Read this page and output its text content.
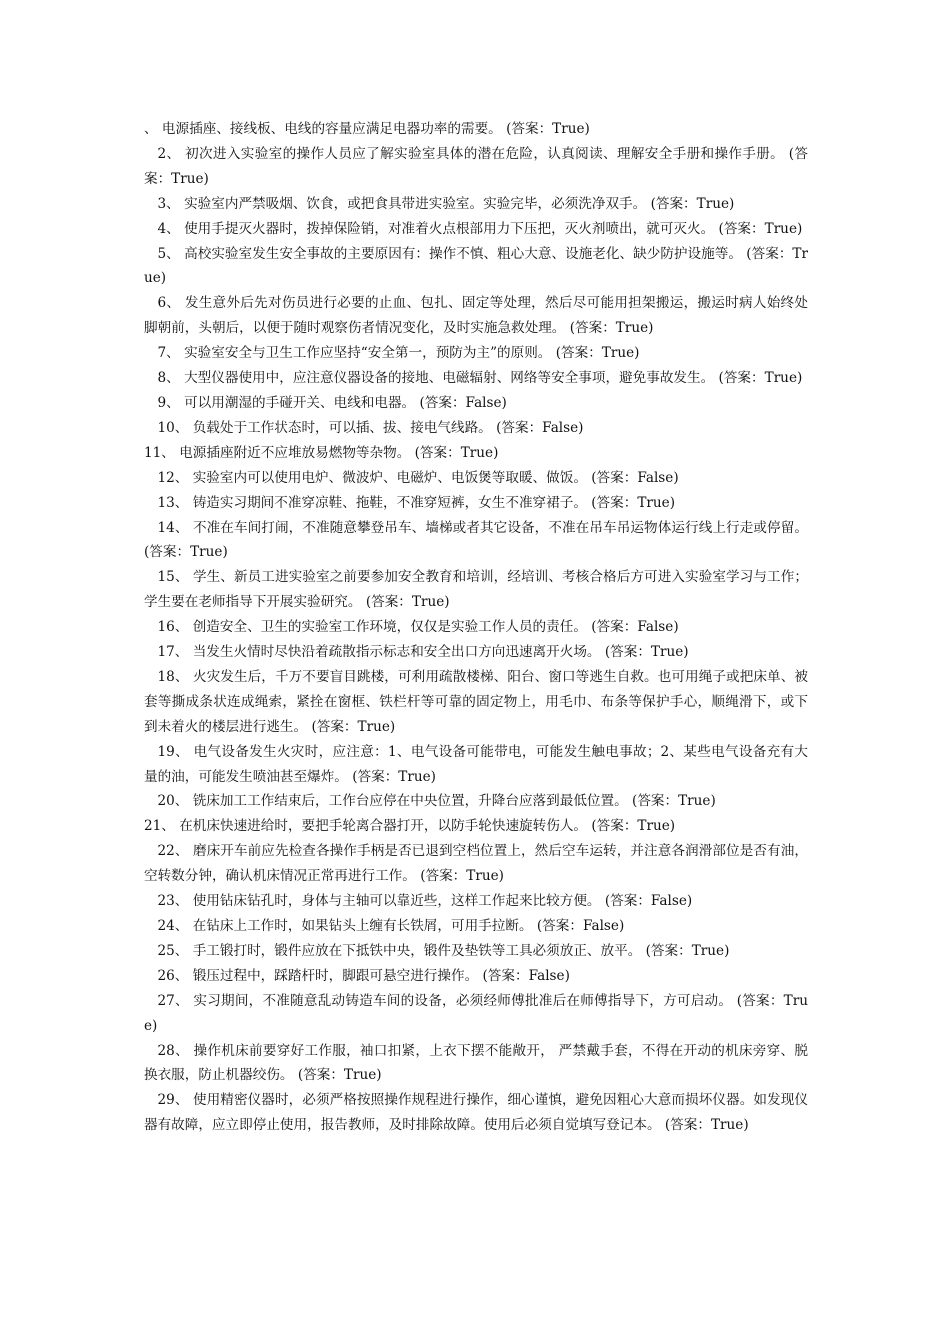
、 电源插座、接线板、电线的容量应满足电器功率的需要。 (答案：True)

2、 初次进入实验室的操作人员应了解实验室具体的潜在危险，认真阅读、理解安全手册和操作手册。 (答案：True)

3、 实验室内严禁吸烟、饮食，或把食具带进实验室。实验完毕，必须洗净双手。 (答案：True)

4、 使用手提灭火器时，拨掉保险销，对准着火点根部用力下压把，灭火剂喷出，就可灭火。 (答案：True)

5、 高校实验室发生安全事故的主要原因有：操作不慎、粗心大意、设施老化、缺少防护设施等。 (答案：True)

6、 发生意外后先对伤员进行必要的止血、包扎、固定等处理，然后尽可能用担架搬运，搬运时病人始终处脚朝前，头朝后，以便于随时观察伤者情况变化，及时实施急救处理。 (答案：True)

7、 实验室安全与卫生工作应坚持“安全第一，预防为主”的原则。 (答案：True)

8、 大型仪器使用中，应注意仪器设备的接地、电磁辐射、网络等安全事项，避免事故发生。 (答案：True)

9、 可以用潮湿的手碰开关、电线和电器。 (答案：False)

10、 负载处于工作状态时，可以插、拔、接电气线路。 (答案：False)

11、 电源插座附近不应堆放易燃物等杂物。 (答案：True)

12、 实验室内可以使用电炉、微波炉、电磁炉、电饭煲等取暖、做饭。 (答案：False)

13、 铸造实习期间不准穿凉鞋、拖鞋，不准穿短裤，女生不准穿裙子。 (答案：True)

14、 不准在车间打闹，不准随意攀登吊车、墙梯或者其它设备，不准在吊车吊运物体运行线上行走或停留。 (答案：True)

15、 学生、新员工进实验室之前要参加安全教育和培训，经培训、考核合格后方可进入实验室学习与工作；学生要在老师指导下开展实验研究。 (答案：True)

16、 创造安全、卫生的实验室工作环境，仅仅是实验工作人员的责任。 (答案：False)

17、 当发生火情时尽快沿着疏散指示标志和安全出口方向迅速离开火场。 (答案：True)

18、 火灾发生后，千万不要盲目跳楼，可利用疏散楼梯、阳台、窗口等逃生自救。也可用绳子或把床单、被套等撕成条状连成绳索，紧拴在窗框、铁栏杆等可靠的固定物上，用毛巾、布条等保护手心，顺绳滑下，或下到未着火的楼层进行逃生。 (答案：True)

19、 电气设备发生火灾时，应注意：1、电气设备可能带电，可能发生触电事故；2、某些电气设备充有大量的油，可能发生喷油甚至爆炸。 (答案：True)

20、 铣床加工工作结束后，工作台应停在中央位置，升降台应落到最低位置。 (答案：True)

21、 在机床快速进给时，要把手轮离合器打开，以防手轮快速旋转伤人。 (答案：True)

22、 磨床开车前应先检查各操作手柄是否已退到空档位置上，然后空车运转，并注意各润滑部位是否有油，空转数分钟，确认机床情况正常再进行工作。 (答案：True)

23、 使用钻床钻孔时，身体与主轴可以靠近些，这样工作起来比较方便。 (答案：False)

24、 在钻床上工作时，如果钻头上缠有长铁屑，可用手拉断。 (答案：False)

25、 手工锻打时，锻件应放在下抵铁中央，锻件及垫铁等工具必须放正、放平。 (答案：True)

26、 锻压过程中，踩踏杆时，脚跟可悬空进行操作。 (答案：False)

27、 实习期间，不准随意乱动铸造车间的设备，必须经师傅批准后在师傅指导下，方可启动。 (答案：True)

28、 操作机床前要穿好工作服，袖口扣紧，上衣下摆不能敞开， 严禁戴手套，不得在开动的机床旁穿、脱换衣服，防止机器绞伤。 (答案：True)

29、 使用精密仪器时，必须严格按照操作规程进行操作，细心谨慎，避免因粗心大意而损坏仪器。如发现仪器有故障，应立即停止使用，报告教师，及时排除故障。使用后必须自觉填写登记本。 (答案：True)
